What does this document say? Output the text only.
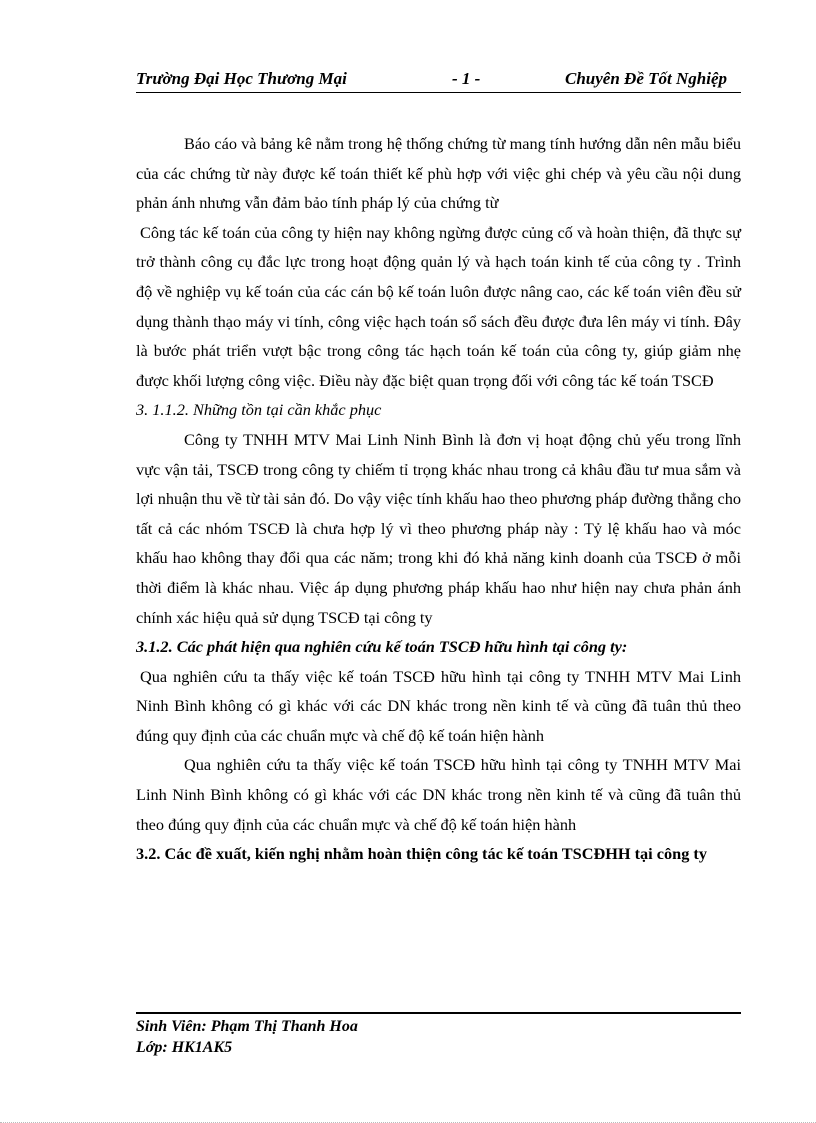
Trường Đại Học Thương Mại	- 1 -	Chuyên Đề Tốt Nghiệp

Báo cáo và bảng kê nằm trong hệ thống chứng từ mang tính hướng dẫn nên mẫu biểu của các chứng từ này được kế toán thiết kế phù hợp với việc ghi chép và yêu cầu nội dung phản ánh nhưng vẫn đảm bảo tính pháp lý của chứng từ

Công tác kế toán của công ty hiện nay không ngừng được củng cố và hoàn thiện, đã thực sự trở thành công cụ đắc lực trong hoạt động quản lý và hạch toán kinh tế của công ty . Trình độ về nghiệp vụ kế toán của các cán bộ kế toán luôn được nâng cao, các kế toán viên đều sử dụng thành thạo máy vi tính, công việc hạch toán sổ sách đều được đưa lên máy vi tính. Đây là bước phát triển vượt bậc trong công tác hạch toán kế toán của công ty, giúp giảm nhẹ được khối lượng công việc. Điều này đặc biệt quan trọng đối với công tác kế toán TSCĐ

3. 1.1.2. Những tồn tại cần khắc phục

Công ty TNHH MTV Mai Linh Ninh Bình là đơn vị hoạt động chủ yếu trong lĩnh vực vận tải, TSCĐ trong công ty chiếm tỉ trọng khác nhau trong cả khâu đầu tư mua sắm và lợi nhuận thu về từ tài sản đó. Do vậy việc tính khấu hao theo phương pháp đường thẳng cho tất cả các nhóm TSCĐ là chưa hợp lý vì theo phương pháp này : Tỷ lệ khấu hao và móc khấu hao không thay đổi qua các năm; trong khi đó khả năng kinh doanh của TSCĐ ở mỗi thời điểm là khác nhau. Việc áp dụng phương pháp khấu hao như hiện nay chưa phản ánh chính xác hiệu quả sử dụng TSCĐ tại công ty

3.1.2. Các phát hiện qua nghiên cứu kế toán TSCĐ hữu hình tại công ty:

Qua nghiên cứu ta thấy việc kế toán TSCĐ hữu hình tại công ty TNHH MTV Mai Linh Ninh Bình không có gì khác với các DN khác trong nền kinh tế và cũng đã tuân thủ theo đúng quy định của các chuẩn mực và chế độ kế toán hiện hành

Qua nghiên cứu ta thấy việc kế toán TSCĐ hữu hình tại công ty TNHH MTV Mai Linh Ninh Bình không có gì khác với các DN khác trong nền kinh tế và cũng đã tuân thủ theo đúng quy định của các chuẩn mực và chế độ kế toán hiện hành

3.2. Các đề xuất, kiến nghị nhằm hoàn thiện công tác kế toán TSCĐHH tại công ty

Sinh Viên: Phạm Thị Thanh Hoa
Lớp: HK1AK5
